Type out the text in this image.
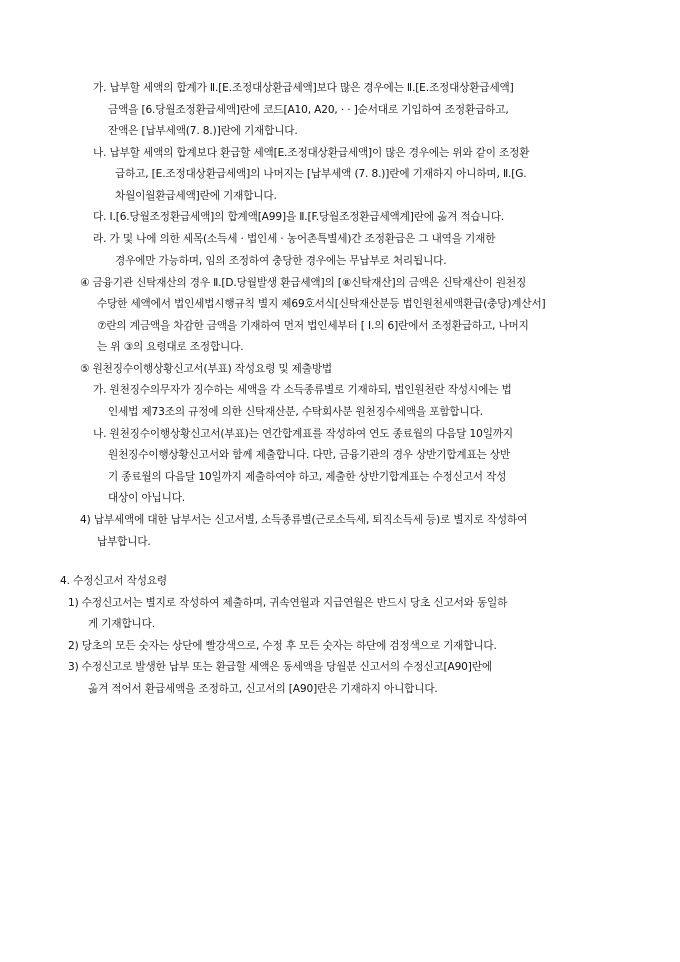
가. 납부할 세액의 합계가 Ⅱ.[E.조정대상환급세액]보다 많은 경우에는 Ⅱ.[E.조정대상환급세액]
금액을 [6.당월조정환급세액]란에 코드[A10, A20, · · ]순서대로 기입하여 조정환급하고,
잔액은 [납부세액(7. 8.)]란에 기재합니다.
나. 납부할 세액의 합계보다 환급할 세액[E.조정대상환급세액]이 많은 경우에는 위와 같이 조정환
급하고, [E.조정대상환급세액]의 나머지는 [납부세액 (7. 8.)]란에 기재하지 아니하며, Ⅱ.[G.
차월이월환급세액]란에 기재합니다.
다. Ⅰ.[6.당월조정환급세액]의 합계액[A99]을 Ⅱ.[F.당월조정환급세액계]란에 옮겨 적습니다.
라. 가 및 나에 의한 세목(소득세 · 법인세 · 농어촌특별세)간 조정환급은 그 내역을 기재한
경우에만 가능하며, 임의 조정하여 충당한 경우에는 무납부로 처리됩니다.
④ 금융기관 신탁재산의 경우 Ⅱ.[D.당월발생 환급세액]의 [⑧신탁재산]의 금액은 신탁재산이 원천징
수당한 세액에서 법인세법시행규칙 별지 제69호서식[신탁재산분등 법인원천세액환급(충당)계산서]
⑦란의 계금액을 차감한 금액을 기재하여 먼저 법인세부터 [ Ⅰ.의 6]란에서 조정환급하고, 나머지
는 위 ③의 요령대로 조정합니다.
⑤ 원천징수이행상황신고서(부표) 작성요령 및 제출방법
가. 원천징수의무자가 징수하는 세액을 각 소득종류별로 기재하되, 법인원천란 작성시에는 법
인세법 제73조의 규정에 의한 신탁재산분, 수탁회사분 원천징수세액을 포함합니다.
나. 원천징수이행상황신고서(부표)는 연간합계표를 작성하여 연도 종료월의 다음달 10일까지
원천징수이행상황신고서와 함께 제출합니다. 다만, 금융기관의 경우 상반기합계표는 상반
기 종료월의 다음달 10일까지 제출하여야 하고, 제출한 상반기합계표는 수정신고서 작성
대상이 아닙니다.
4) 납부세액에 대한 납부서는 신고서별, 소득종류별(근로소득세, 퇴직소득세 등)로 별지로 작성하여
납부합니다.
4. 수정신고서 작성요령
1) 수정신고서는 별지로 작성하여 제출하며, 귀속연월과 지급연월은 반드시 당초 신고서와 동일하
게 기재합니다.
2) 당초의 모든 숫자는 상단에 빨강색으로, 수정 후 모든 숫자는 하단에 검정색으로 기재합니다.
3) 수정신고로 발생한 납부 또는 환급할 세액은 동세액을 당월분 신고서의 수정신고[A90]란에
옮겨 적어서 환급세액을 조정하고, 신고서의 [A90]란은 기재하지 아니합니다.
